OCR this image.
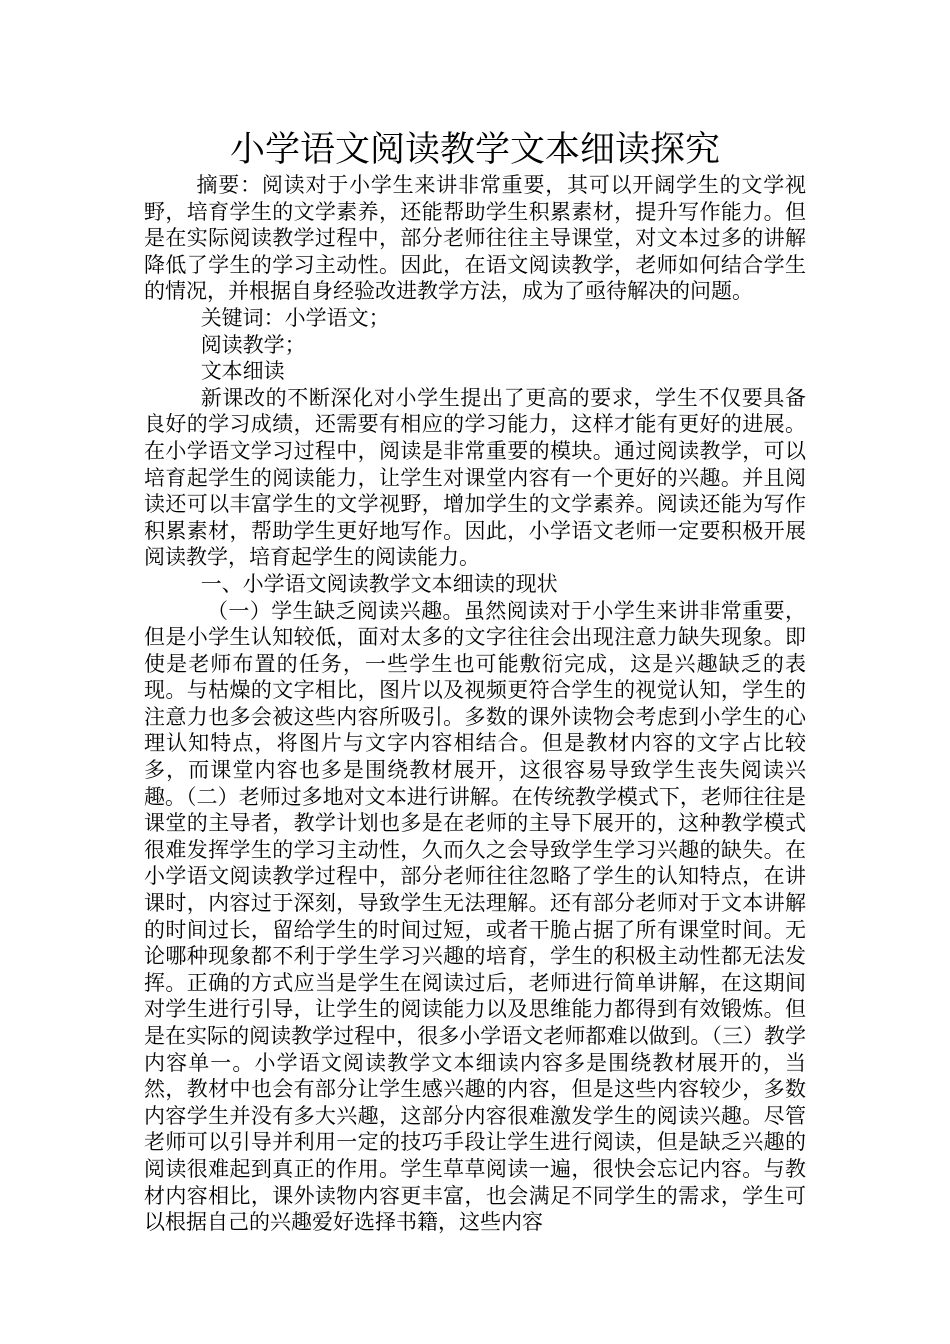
小学语文阅读教学文本细读探究

摘要：阅读对于小学生来讲非常重要，其可以开阔学生的文学视野，培育学生的文学素养，还能帮助学生积累素材，提升写作能力。但是在实际阅读教学过程中，部分老师往往主导课堂，对文本过多的讲解降低了学生的学习主动性。因此，在语文阅读教学，老师如何结合学生的情况，并根据自身经验改进教学方法，成为了亟待解决的问题。

关键词：小学语文；

阅读教学；

文本细读

新课改的不断深化对小学生提出了更高的要求，学生不仅要具备良好的学习成绩，还需要有相应的学习能力，这样才能有更好的进展。在小学语文学习过程中，阅读是非常重要的模块。通过阅读教学，可以培育起学生的阅读能力，让学生对课堂内容有一个更好的兴趣。并且阅读还可以丰富学生的文学视野，增加学生的文学素养。阅读还能为写作积累素材，帮助学生更好地写作。因此，小学语文老师一定要积极开展阅读教学，培育起学生的阅读能力。

一、小学语文阅读教学文本细读的现状

（一）学生缺乏阅读兴趣。虽然阅读对于小学生来讲非常重要，但是小学生认知较低，面对太多的文字往往会出现注意力缺失现象。即使是老师布置的任务，一些学生也可能敷衍完成，这是兴趣缺乏的表现。与枯燥的文字相比，图片以及视频更符合学生的视觉认知，学生的注意力也多会被这些内容所吸引。多数的课外读物会考虑到小学生的心理认知特点，将图片与文字内容相结合。但是教材内容的文字占比较多，而课堂内容也多是围绕教材展开，这很容易导致学生丧失阅读兴趣。（二）老师过多地对文本进行讲解。在传统教学模式下，老师往往是课堂的主导者，教学计划也多是在老师的主导下展开的，这种教学模式很难发挥学生的学习主动性，久而久之会导致学生学习兴趣的缺失。在小学语文阅读教学过程中，部分老师往往忽略了学生的认知特点，在讲课时，内容过于深刻，导致学生无法理解。还有部分老师对于文本讲解的时间过长，留给学生的时间过短，或者干脆占据了所有课堂时间。无论哪种现象都不利于学生学习兴趣的培育，学生的积极主动性都无法发挥。正确的方式应当是学生在阅读过后，老师进行简单讲解，在这期间对学生进行引导，让学生的阅读能力以及思维能力都得到有效锻炼。但是在实际的阅读教学过程中，很多小学语文老师都难以做到。（三）教学内容单一。小学语文阅读教学文本细读内容多是围绕教材展开的，当然，教材中也会有部分让学生感兴趣的内容，但是这些内容较少，多数内容学生并没有多大兴趣，这部分内容很难激发学生的阅读兴趣。尽管老师可以引导并利用一定的技巧手段让学生进行阅读，但是缺乏兴趣的阅读很难起到真正的作用。学生草草阅读一遍，很快会忘记内容。与教材内容相比，课外读物内容更丰富，也会满足不同学生的需求，学生可以根据自己的兴趣爱好选择书籍，这些内容
